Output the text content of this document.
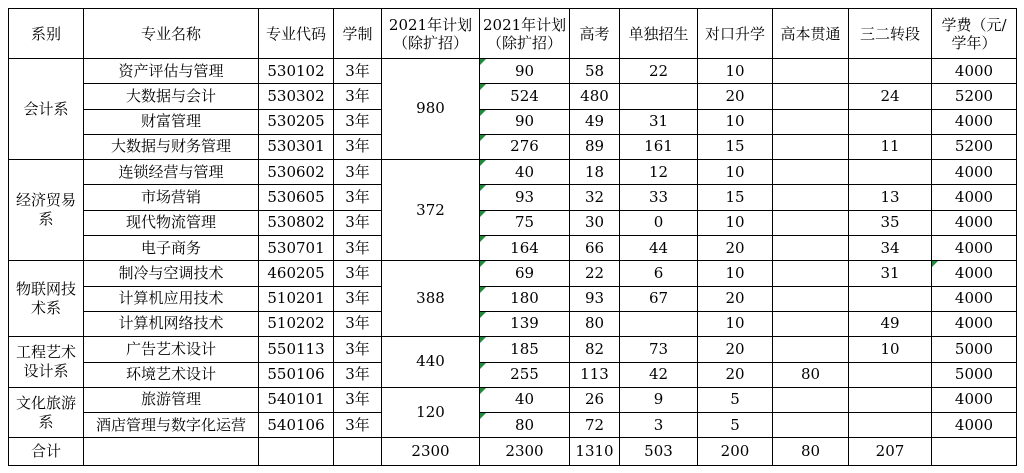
系别	专业名称	专业代码	学制	2021年计划
（除扩招）	2021年计划
（除扩招）	高考	单独招生	对口升学	高本贯通	三二转段	学费（元/
学年）

会计系	资产评估与管理	530102	3年	980	90	58	22	10			4000
	大数据与会计	530302	3年		524	480		20		24	5200
	财富管理	530205	3年		90	49	31	10			4000
	大数据与财务管理	530301	3年		276	89	161	15		11	5200
经济贸易系	连锁经营与管理	530602	3年	372	40	18	12	10			4000
	市场营销	530605	3年		93	32	33	15		13	4000
	现代物流管理	530802	3年		75	30	0	10		35	4000
	电子商务	530701	3年		164	66	44	20		34	4000
物联网技术系	制冷与空调技术	460205	3年	388	69	22	6	10		31	4000
	计算机应用技术	510201	3年		180	93	67	20			4000
	计算机网络技术	510202	3年		139	80		10		49	4000
工程艺术设计系	广告艺术设计	550113	3年	440	185	82	73	20		10	5000
	环境艺术设计	550106	3年		255	113	42	20	80		5000
文化旅游系	旅游管理	540101	3年	120	40	26	9	5			4000
	酒店管理与数字化运营	540106	3年		80	72	3	5			4000
合计				2300	2300	1310	503	200	80	207	
